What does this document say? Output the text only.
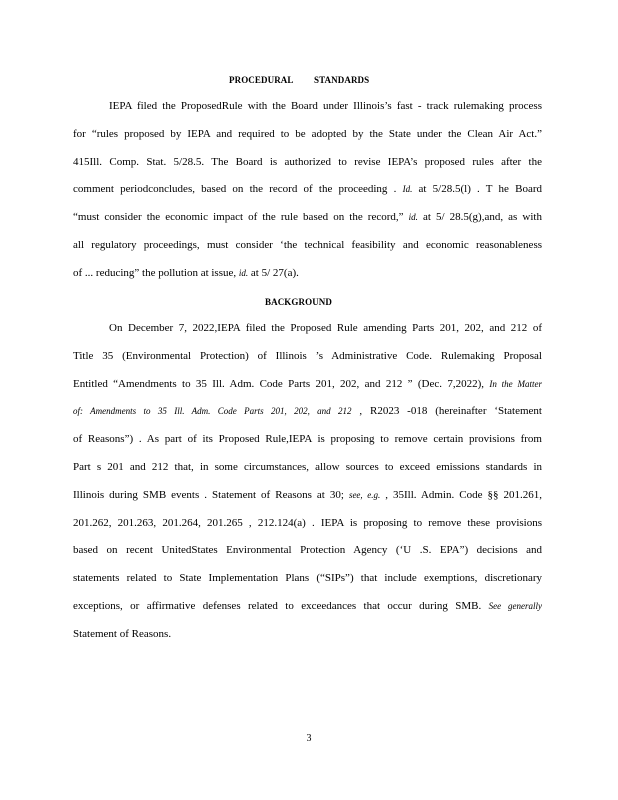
PROCEDURAL STANDARDS
IEPA filed the ProposedRule with the Board under Illinois’s fast - track rulemaking process
for “rules proposed by IEPA and required to be adopted by the State under the Clean Air Act.”
415Ill. Comp. Stat. 5/28.5. The Board is authorized to revise IEPA’s proposed rules after the
comment periodconcludes, based on the record of the proceeding . Id. at 5/28.5(l) . T he Board
“must consider the economic impact of the rule based on the record,” id. at 5/ 28.5(g),and, as with
all regulatory proceedings, must consider ‘the technical feasibility and economic reasonableness
of ... reducing” the pollution at issue, id. at 5/ 27(a).
BACKGROUND
On December 7, 2022,IEPA filed the Proposed Rule amending Parts 201, 202, and 212 of
Title 35 (Environmental Protection) of Illinois ’s Administrative Code. Rulemaking Proposal
Entitled “Amendments to 35 Ill. Adm. Code Parts 201, 202, and 212 ” (Dec. 7,2022), In the Matter
of: Amendments to 35 Ill. Adm. Code Parts 201, 202, and 212 , R2023 -018 (hereinafter ‘Statement
of Reasons”) . As part of its Proposed Rule,IEPA is proposing to remove certain provisions from
Part s 201 and 212 that, in some circumstances, allow sources to exceed emissions standards in
Illinois during SMB events . Statement of Reasons at 30; see, e.g. , 35Ill. Admin. Code §§ 201.261,
201.262, 201.263, 201.264, 201.265 , 212.124(a) . IEPA is proposing to remove these provisions
based on recent UnitedStates Environmental Protection Agency (‘U .S. EPA”) decisions and
statements related to State Implementation Plans (“SIPs”) that include exemptions, discretionary
exceptions, or affirmative defenses related to exceedances that occur during SMB. See generally
Statement of Reasons.
3
